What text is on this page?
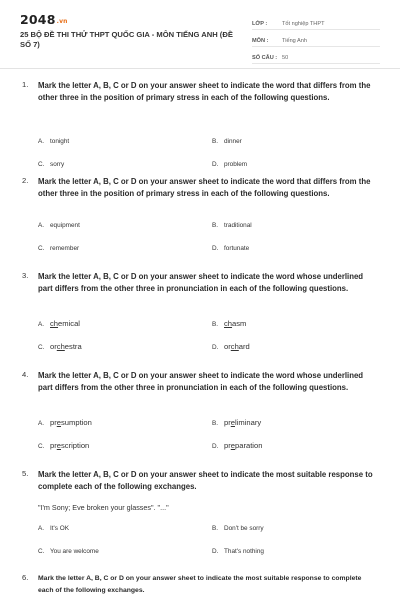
2048.vn
25 BỘ ĐỀ THI THỬ THPT QUỐC GIA - MÔN TIẾNG ANH (ĐỀ SỐ 7)
LỚP :	Tốt nghiệp THPT
MÔN :	Tiếng Anh
SỐ CÂU : 50
1. Mark the letter A, B, C or D on your answer sheet to indicate the word that differs from the other three in the position of primary stress in each of the following questions.
A. tonight	B. dinner
C. sorry	D. problem
2. Mark the letter A, B, C or D on your answer sheet to indicate the word that differs from the other three in the position of primary stress in each of the following questions.
A. equipment	B. traditional
C. remember	D. fortunate
3. Mark the letter A, B, C or D on your answer sheet to indicate the word whose underlined part differs from the other three in pronunciation in each of the following questions.
A. chemical	B. chasm
C. orchestra	D. orchard
4. Mark the letter A, B, C or D on your answer sheet to indicate the word whose underlined part differs from the other three in pronunciation in each of the following questions.
A. presumption	B. preliminary
C. prescription	D. preparation
5. Mark the letter A, B, C or D on your answer sheet to indicate the most suitable response to complete each of the following exchanges.
"I'm Sony; Eve broken your glasses". "..."
A. It's OK	B. Don't be sorry
C. You are welcome	D. That's nothing
6. Mark the letter A, B, C or D on your answer sheet to indicate the most suitable response to complete each of the following exchanges.
